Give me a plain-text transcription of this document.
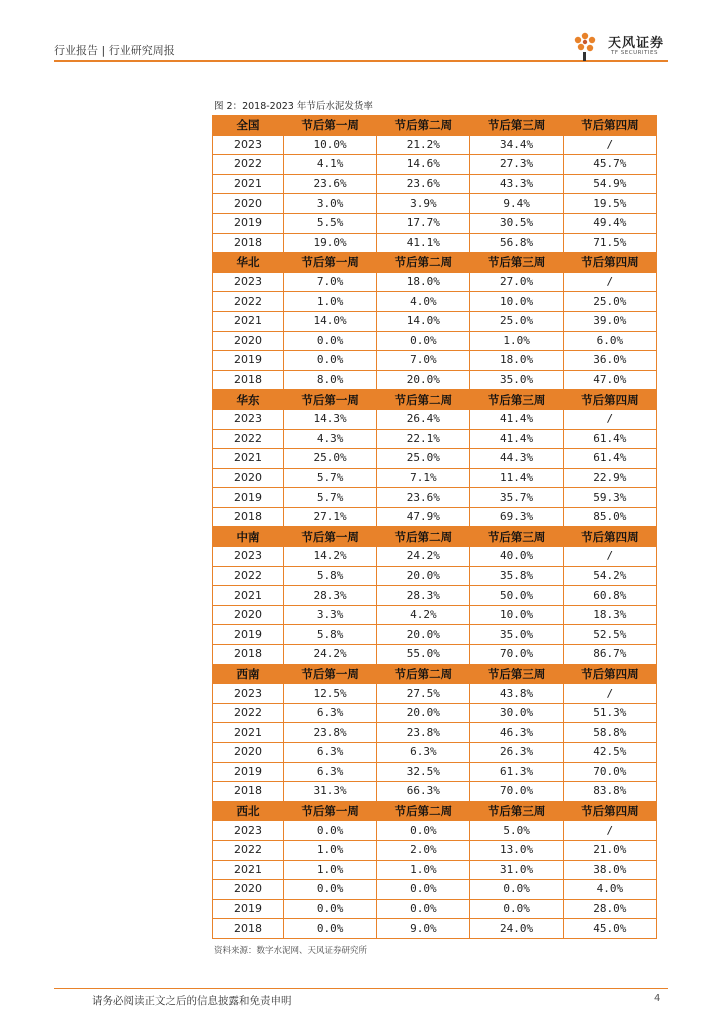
行业报告 | 行业研究周报	天风证券
TF SECURITIES
图 2：2018-2023 年节后水泥发货率
全国	节后第一周	节后第二周	节后第三周	节后第四周
2023	10.0%	21.2%	34.4%	/
2022	4.1%	14.6%	27.3%	45.7%
2021	23.6%	23.6%	43.3%	54.9%
2020	3.0%	3.9%	9.4%	19.5%
2019	5.5%	17.7%	30.5%	49.4%
2018	19.0%	41.1%	56.8%	71.5%
华北	节后第一周	节后第二周	节后第三周	节后第四周
2023	7.0%	18.0%	27.0%	/
2022	1.0%	4.0%	10.0%	25.0%
2021	14.0%	14.0%	25.0%	39.0%
2020	0.0%	0.0%	1.0%	6.0%
2019	0.0%	7.0%	18.0%	36.0%
2018	8.0%	20.0%	35.0%	47.0%
华东	节后第一周	节后第二周	节后第三周	节后第四周
2023	14.3%	26.4%	41.4%	/
2022	4.3%	22.1%	41.4%	61.4%
2021	25.0%	25.0%	44.3%	61.4%
2020	5.7%	7.1%	11.4%	22.9%
2019	5.7%	23.6%	35.7%	59.3%
2018	27.1%	47.9%	69.3%	85.0%
中南	节后第一周	节后第二周	节后第三周	节后第四周
2023	14.2%	24.2%	40.0%	/
2022	5.8%	20.0%	35.8%	54.2%
2021	28.3%	28.3%	50.0%	60.8%
2020	3.3%	4.2%	10.0%	18.3%
2019	5.8%	20.0%	35.0%	52.5%
2018	24.2%	55.0%	70.0%	86.7%
西南	节后第一周	节后第二周	节后第三周	节后第四周
2023	12.5%	27.5%	43.8%	/
2022	6.3%	20.0%	30.0%	51.3%
2021	23.8%	23.8%	46.3%	58.8%
2020	6.3%	6.3%	26.3%	42.5%
2019	6.3%	32.5%	61.3%	70.0%
2018	31.3%	66.3%	70.0%	83.8%
西北	节后第一周	节后第二周	节后第三周	节后第四周
2023	0.0%	0.0%	5.0%	/
2022	1.0%	2.0%	13.0%	21.0%
2021	1.0%	1.0%	31.0%	38.0%
2020	0.0%	0.0%	0.0%	4.0%
2019	0.0%	0.0%	0.0%	28.0%
2018	0.0%	9.0%	24.0%	45.0%
资料来源：数字水泥网、天风证券研究所
请务必阅读正文之后的信息披露和免责申明	4
